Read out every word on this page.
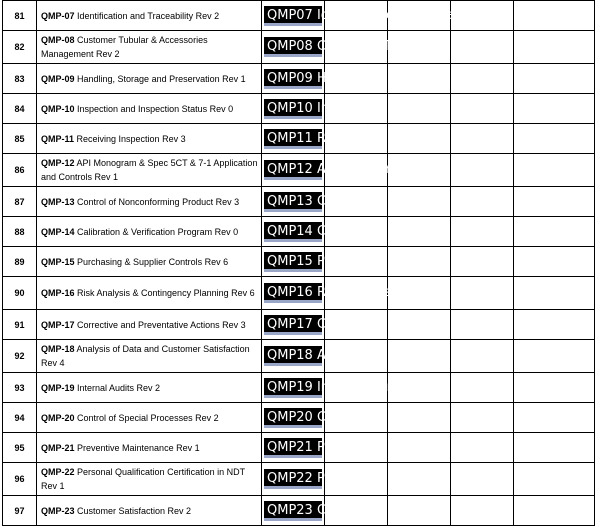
81	QMP-07 Identification and Traceability Rev 2	QMP07 Identification and Traceability				

82	QMP-08 Customer Tubular & Accessories Management Rev 2	QMP08 Customer Tubular				

83	QMP-09 Handling, Storage and Preservation Rev 1	QMP09 Handling				

84	QMP-10 Inspection and Inspection Status Rev 0	QMP10 Inspection				

85	QMP-11 Receiving Inspection Rev 3	QMP11 Receiving				

86	QMP-12 API Monogram & Spec 5CT & 7-1 Application and Controls Rev 1	QMP12 API Monogram				

87	QMP-13 Control of Nonconforming Product Rev 3	QMP13 Control				

88	QMP-14 Calibration & Verification Program Rev 0	QMP14 Calibration				

89	QMP-15 Purchasing & Supplier Controls Rev 6	QMP15 Purchasing				

90	QMP-16 Risk Analysis & Contingency Planning Rev 6	QMP16 Risk Analysis				

91	QMP-17 Corrective and Preventative Actions Rev 3	QMP17 Corrective				

92	QMP-18 Analysis of Data and Customer Satisfaction Rev 4	QMP18 Analysis				

93	QMP-19 Internal Audits Rev 2	QMP19 Internal Audits				

94	QMP-20 Control of Special Processes Rev 2	QMP20 Control				

95	QMP-21 Preventive Maintenance Rev 1	QMP21 Preventive				

96	QMP-22 Personal Qualification Certification in NDT Rev 1	QMP22 Personal				

97	QMP-23 Customer Satisfaction Rev 2	QMP23 Customer				
